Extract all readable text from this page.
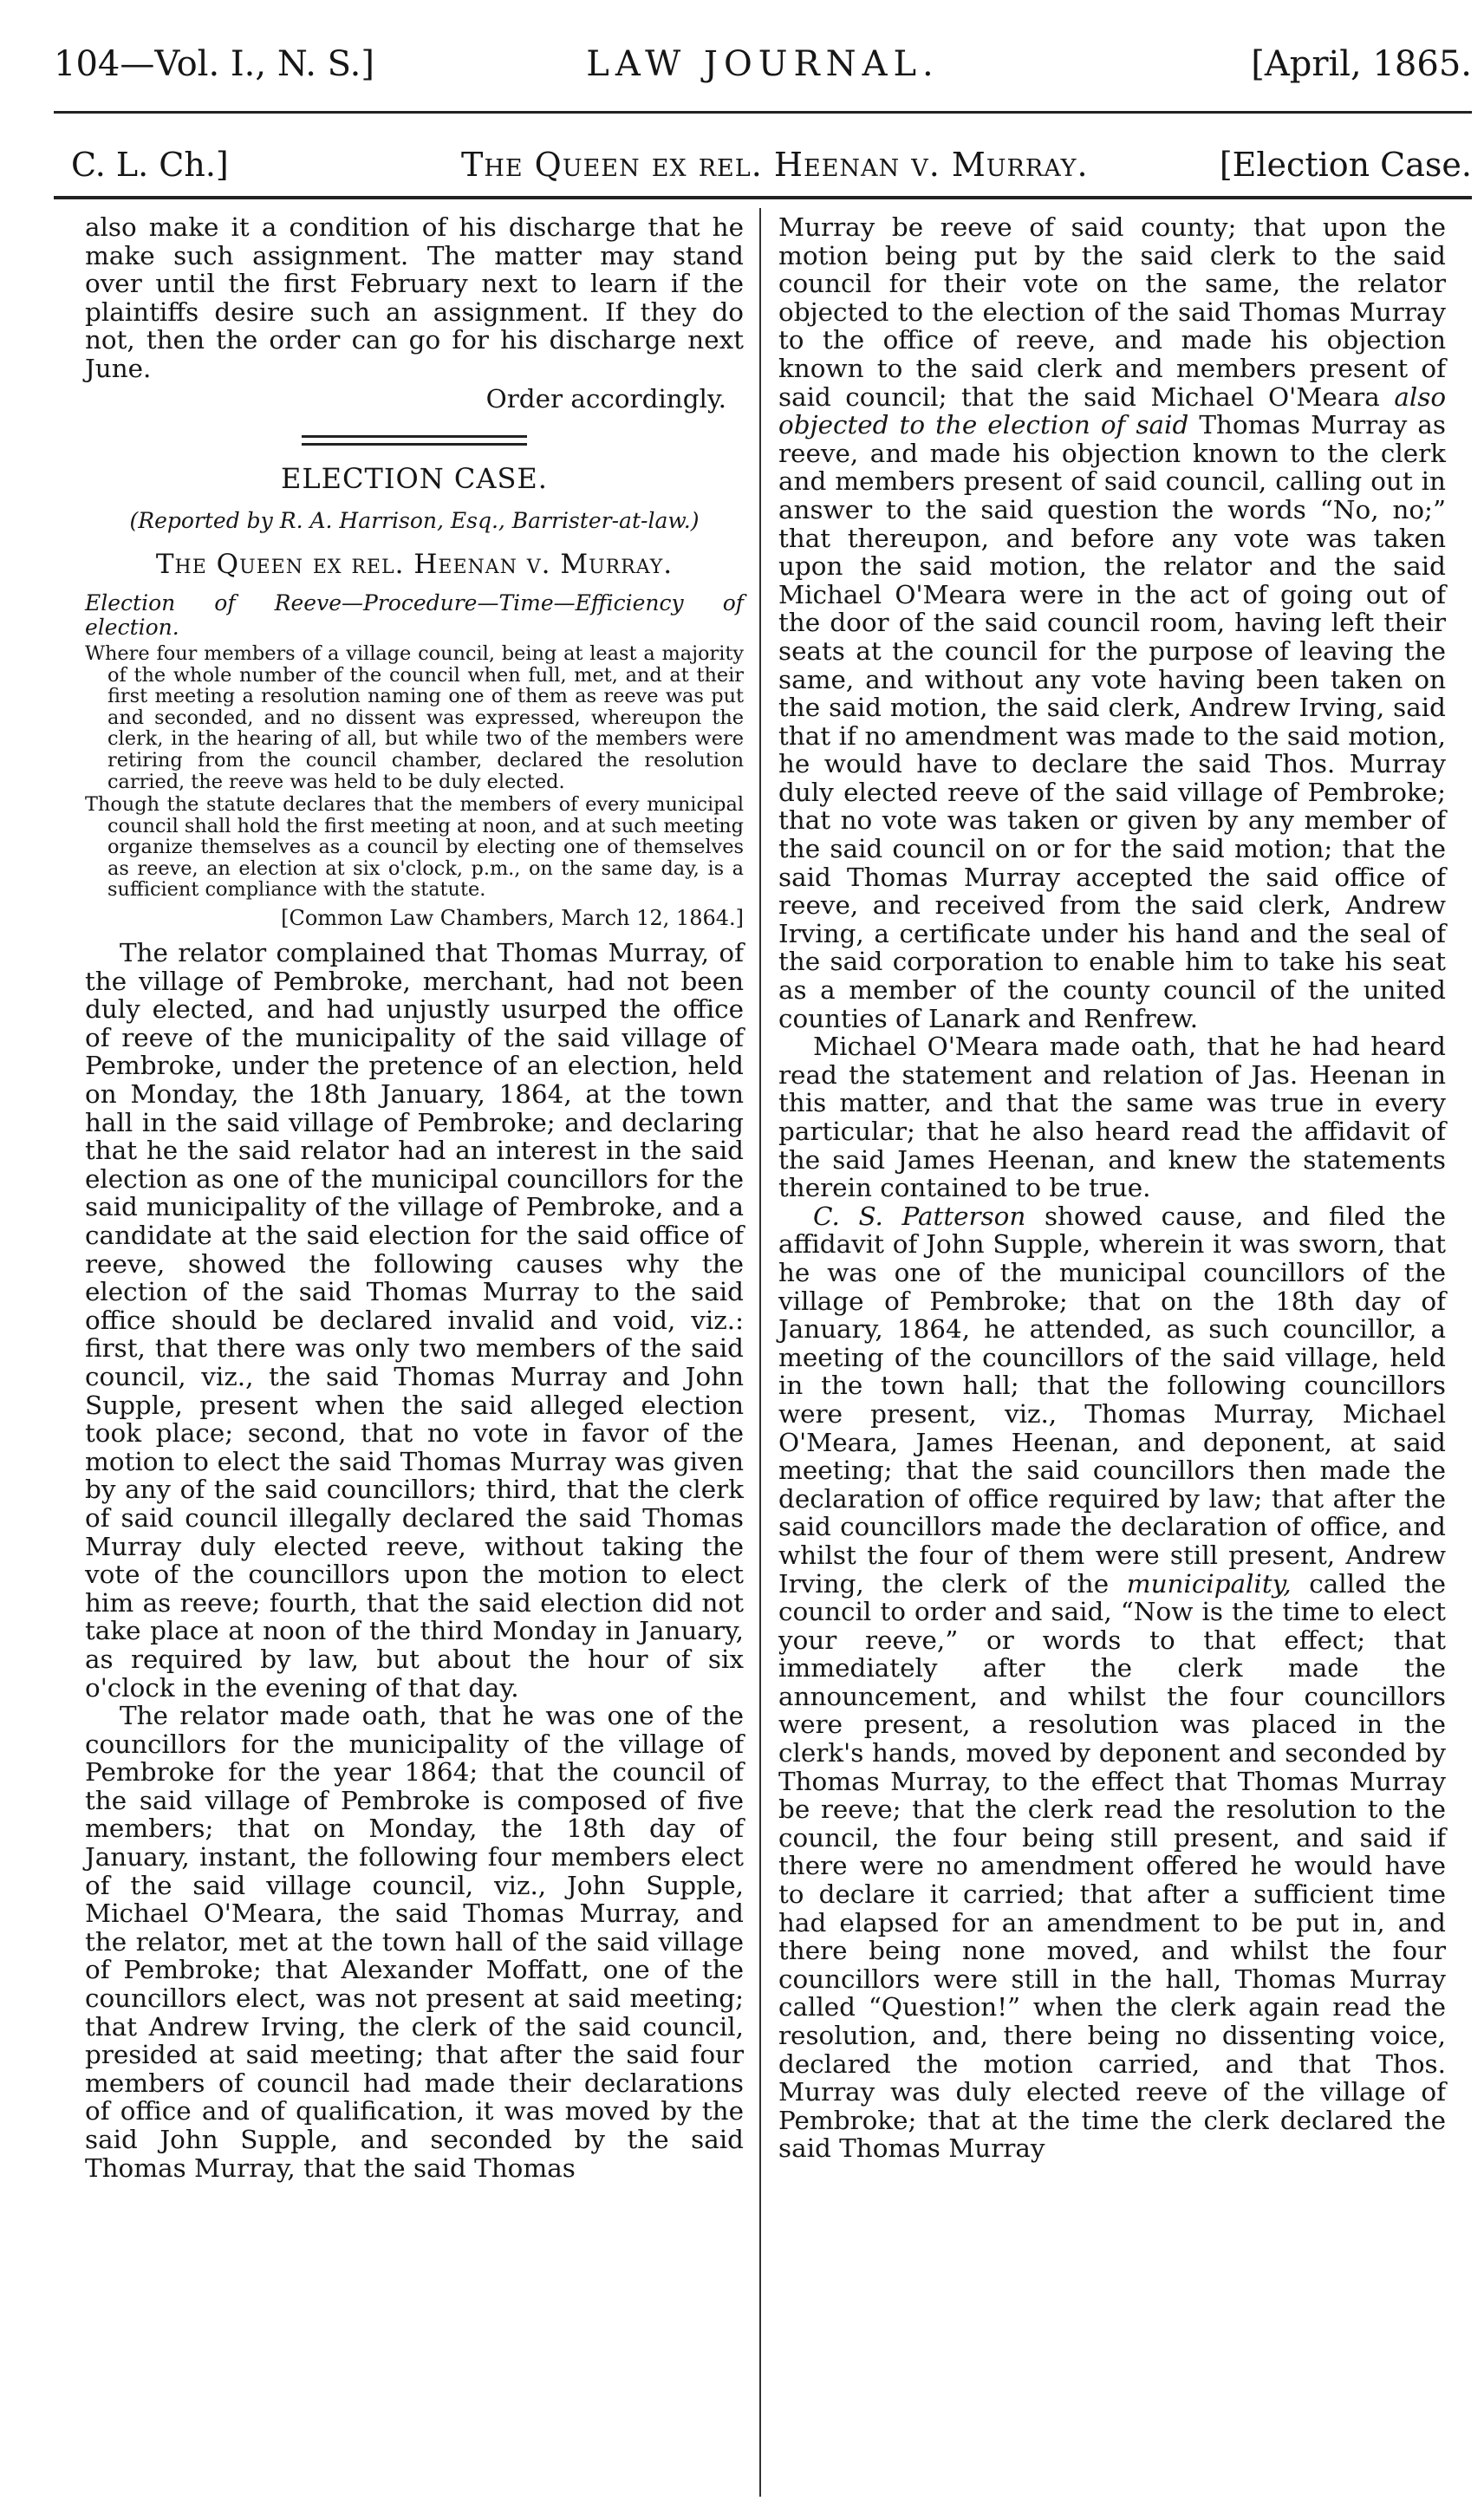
104—Vol. I., N. S.]	LAW JOURNAL.	[April, 1865.
C. L. Ch.]	The Queen ex rel. Heenan v. Murray.	[Election Case.

also make it a condition of his discharge that he make such assignment. The matter may stand over until the first February next to learn if the plaintiffs desire such an assignment. If they do not, then the order can go for his discharge next June.

Order accordingly.

ELECTION CASE.
(Reported by R. A. Harrison, Esq., Barrister-at-law.)
The Queen ex rel. Heenan v. Murray.
Election of Reeve—Procedure—Time—Efficiency of election.

Where four members of a village council, being at least a majority of the whole number of the council when full, met, and at their first meeting a resolution naming one of them as reeve was put and seconded, and no dissent was expressed, whereupon the clerk, in the hearing of all, but while two of the members were retiring from the council chamber, declared the resolution carried, the reeve was held to be duly elected.

Though the statute declares that the members of every municipal council shall hold the first meeting at noon, and at such meeting organize themselves as a council by electing one of themselves as reeve, an election at six o'clock, p.m., on the same day, is a sufficient compliance with the statute.

[Common Law Chambers, March 12, 1864.]

The relator complained that Thomas Murray, of the village of Pembroke, merchant, had not been duly elected, and had unjustly usurped the office of reeve of the municipality of the said village of Pembroke, under the pretence of an election, held on Monday, the 18th January, 1864, at the town hall in the said village of Pembroke; and declaring that he the said relator had an interest in the said election as one of the municipal councillors for the said municipality of the village of Pembroke, and a candidate at the said election for the said office of reeve, showed the following causes why the election of the said Thomas Murray to the said office should be declared invalid and void, viz.: first, that there was only two members of the said council, viz., the said Thomas Murray and John Supple, present when the said alleged election took place; second, that no vote in favor of the motion to elect the said Thomas Murray was given by any of the said councillors; third, that the clerk of said council illegally declared the said Thomas Murray duly elected reeve, without taking the vote of the councillors upon the motion to elect him as reeve; fourth, that the said election did not take place at noon of the third Monday in January, as required by law, but about the hour of six o'clock in the evening of that day.

The relator made oath, that he was one of the councillors for the municipality of the village of Pembroke for the year 1864; that the council of the said village of Pembroke is composed of five members; that on Monday, the 18th day of January, instant, the following four members elect of the said village council, viz., John Supple, Michael O'Meara, the said Thomas Murray, and the relator, met at the town hall of the said village of Pembroke; that Alexander Moffatt, one of the councillors elect, was not present at said meeting; that Andrew Irving, the clerk of the said council, presided at said meeting; that after the said four members of council had made their declarations of office and of qualification, it was moved by the said John Supple, and seconded by the said Thomas Murray, that the said Thomas

Murray be reeve of said county; that upon the motion being put by the said clerk to the said council for their vote on the same, the relator objected to the election of the said Thomas Murray to the office of reeve, and made his objection known to the said clerk and members present of said council; that the said Michael O'Meara also objected to the election of said Thomas Murray as reeve, and made his objection known to the clerk and members present of said council, calling out in answer to the said question the words “No, no;” that thereupon, and before any vote was taken upon the said motion, the relator and the said Michael O'Meara were in the act of going out of the door of the said council room, having left their seats at the council for the purpose of leaving the same, and without any vote having been taken on the said motion, the said clerk, Andrew Irving, said that if no amendment was made to the said motion, he would have to declare the said Thos. Murray duly elected reeve of the said village of Pembroke; that no vote was taken or given by any member of the said council on or for the said motion; that the said Thomas Murray accepted the said office of reeve, and received from the said clerk, Andrew Irving, a certificate under his hand and the seal of the said corporation to enable him to take his seat as a member of the county council of the united counties of Lanark and Renfrew.

Michael O'Meara made oath, that he had heard read the statement and relation of Jas. Heenan in this matter, and that the same was true in every particular; that he also heard read the affidavit of the said James Heenan, and knew the statements therein contained to be true.

C. S. Patterson showed cause, and filed the affidavit of John Supple, wherein it was sworn, that he was one of the municipal councillors of the village of Pembroke; that on the 18th day of January, 1864, he attended, as such councillor, a meeting of the councillors of the said village, held in the town hall; that the following councillors were present, viz., Thomas Murray, Michael O'Meara, James Heenan, and deponent, at said meeting; that the said councillors then made the declaration of office required by law; that after the said councillors made the declaration of office, and whilst the four of them were still present, Andrew Irving, the clerk of the municipality, called the council to order and said, “Now is the time to elect your reeve,” or words to that effect; that immediately after the clerk made the announcement, and whilst the four councillors were present, a resolution was placed in the clerk's hands, moved by deponent and seconded by Thomas Murray, to the effect that Thomas Murray be reeve; that the clerk read the resolution to the council, the four being still present, and said if there were no amendment offered he would have to declare it carried; that after a sufficient time had elapsed for an amendment to be put in, and there being none moved, and whilst the four councillors were still in the hall, Thomas Murray called “Question!” when the clerk again read the resolution, and, there being no dissenting voice, declared the motion carried, and that Thos. Murray was duly elected reeve of the village of Pembroke; that at the time the clerk declared the said Thomas Murray
